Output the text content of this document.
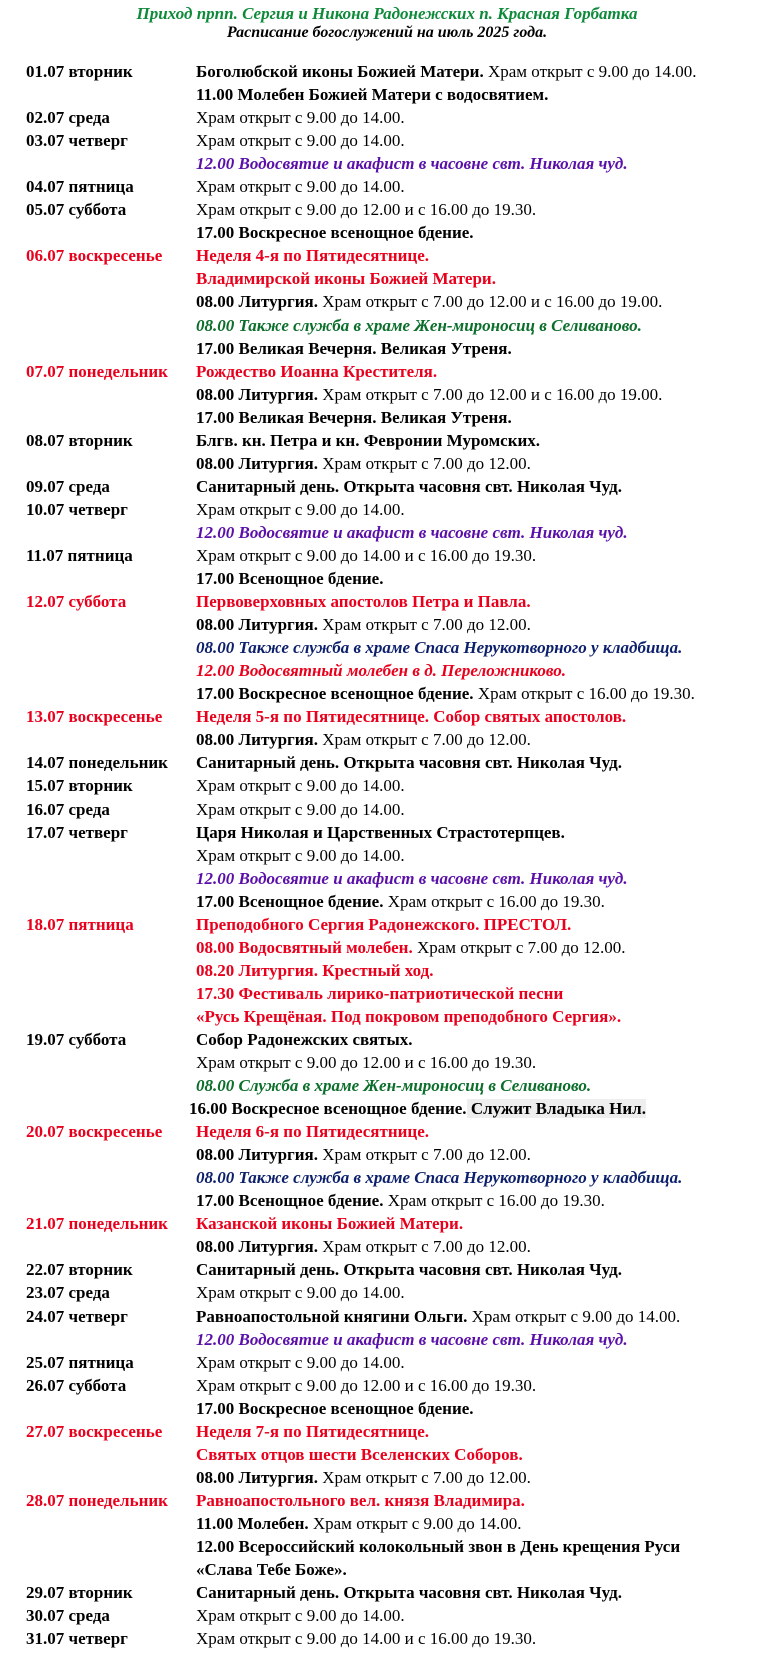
Приход прпп. Сергия и Никона Радонежских п. Красная Горбатка
Расписание богослужений на июль 2025 года.
01.07 вторник	Боголюбской иконы Божией Матери. Храм открыт с 9.00 до 14.00.
11.00 Молебен Божией Матери с водосвятием.
02.07 среда	Храм открыт с 9.00 до 14.00.
03.07 четверг	Храм открыт с 9.00 до 14.00.
12.00 Водосвятие и акафист в часовне свт. Николая чуд.
04.07 пятница	Храм открыт с 9.00 до 14.00.
05.07 суббота	Храм открыт с 9.00 до 12.00 и с 16.00 до 19.30.
17.00 Воскресное всенощное бдение.
06.07 воскресенье Неделя 4-я по Пятидесятнице.
Владимирской иконы Божией Матери.
08.00 Литургия. Храм открыт с 7.00 до 12.00 и с 16.00 до 19.00.
08.00 Также служба в храме Жен-мироносиц в Селиваново.
17.00 Великая Вечерня. Великая Утреня.
07.07 понедельник Рождество Иоанна Крестителя.
08.00 Литургия. Храм открыт с 7.00 до 12.00 и с 16.00 до 19.00.
17.00 Великая Вечерня. Великая Утреня.
08.07 вторник	Блгв. кн. Петра и кн. Февронии Муромских.
08.00 Литургия. Храм открыт с 7.00 до 12.00.
09.07 среда	Санитарный день. Открыта часовня свт. Николая Чуд.
10.07 четверг	Храм открыт с 9.00 до 14.00.
12.00 Водосвятие и акафист в часовне свт. Николая чуд.
11.07 пятница	Храм открыт с 9.00 до 14.00 и с 16.00 до 19.30.
17.00 Всенощное бдение.
12.07 суббота	Первоверховных апостолов Петра и Павла.
08.00 Литургия. Храм открыт с 7.00 до 12.00.
08.00 Также служба в храме Спаса Нерукотворного у кладбища.
12.00 Водосвятный молебен в д. Переложниково.
17.00 Воскресное всенощное бдение. Храм открыт с 16.00 до 19.30.
13.07 воскресенье Неделя 5-я по Пятидесятнице. Собор святых апостолов.
08.00 Литургия. Храм открыт с 7.00 до 12.00.
14.07 понедельник Санитарный день. Открыта часовня свт. Николая Чуд.
15.07 вторник	Храм открыт с 9.00 до 14.00.
16.07 среда	Храм открыт с 9.00 до 14.00.
17.07 четверг	Царя Николая и Царственных Страстотерпцев.
Храм открыт с 9.00 до 14.00.
12.00 Водосвятие и акафист в часовне свт. Николая чуд.
17.00 Всенощное бдение. Храм открыт с 16.00 до 19.30.
18.07 пятница	Преподобного Сергия Радонежского. ПРЕСТОЛ.
08.00 Водосвятный молебен. Храм открыт с 7.00 до 12.00.
08.20 Литургия. Крестный ход.
17.30 Фестиваль лирико-патриотической песни
«Русь Крещёная. Под покровом преподобного Сергия».
19.07 суббота	Собор Радонежских святых.
Храм открыт с 9.00 до 12.00 и с 16.00 до 19.30.
08.00 Служба в храме Жен-мироносиц в Селиваново.
16.00 Воскресное всенощное бдение. Служит Владыка Нил.
20.07 воскресенье Неделя 6-я по Пятидесятнице.
08.00 Литургия. Храм открыт с 7.00 до 12.00.
08.00 Также служба в храме Спаса Нерукотворного у кладбища.
17.00 Всенощное бдение. Храм открыт с 16.00 до 19.30.
21.07 понедельник Казанской иконы Божией Матери.
08.00 Литургия. Храм открыт с 7.00 до 12.00.
22.07 вторник	Санитарный день. Открыта часовня свт. Николая Чуд.
23.07 среда	Храм открыт с 9.00 до 14.00.
24.07 четверг	Равноапостольной княгини Ольги. Храм открыт с 9.00 до 14.00.
12.00 Водосвятие и акафист в часовне свт. Николая чуд.
25.07 пятница	Храм открыт с 9.00 до 14.00.
26.07 суббота	Храм открыт с 9.00 до 12.00 и с 16.00 до 19.30.
17.00 Воскресное всенощное бдение.
27.07 воскресенье Неделя 7-я по Пятидесятнице.
Святых отцов шести Вселенских Соборов.
08.00 Литургия. Храм открыт с 7.00 до 12.00.
28.07 понедельник Равноапостольного вел. князя Владимира.
11.00 Молебен. Храм открыт с 9.00 до 14.00.
12.00 Всероссийский колокольный звон в День крещения Руси
«Слава Тебе Боже».
29.07 вторник	Санитарный день. Открыта часовня свт. Николая Чуд.
30.07 среда	Храм открыт с 9.00 до 14.00.
31.07 четверг	Храм открыт с 9.00 до 14.00 и с 16.00 до 19.30.
